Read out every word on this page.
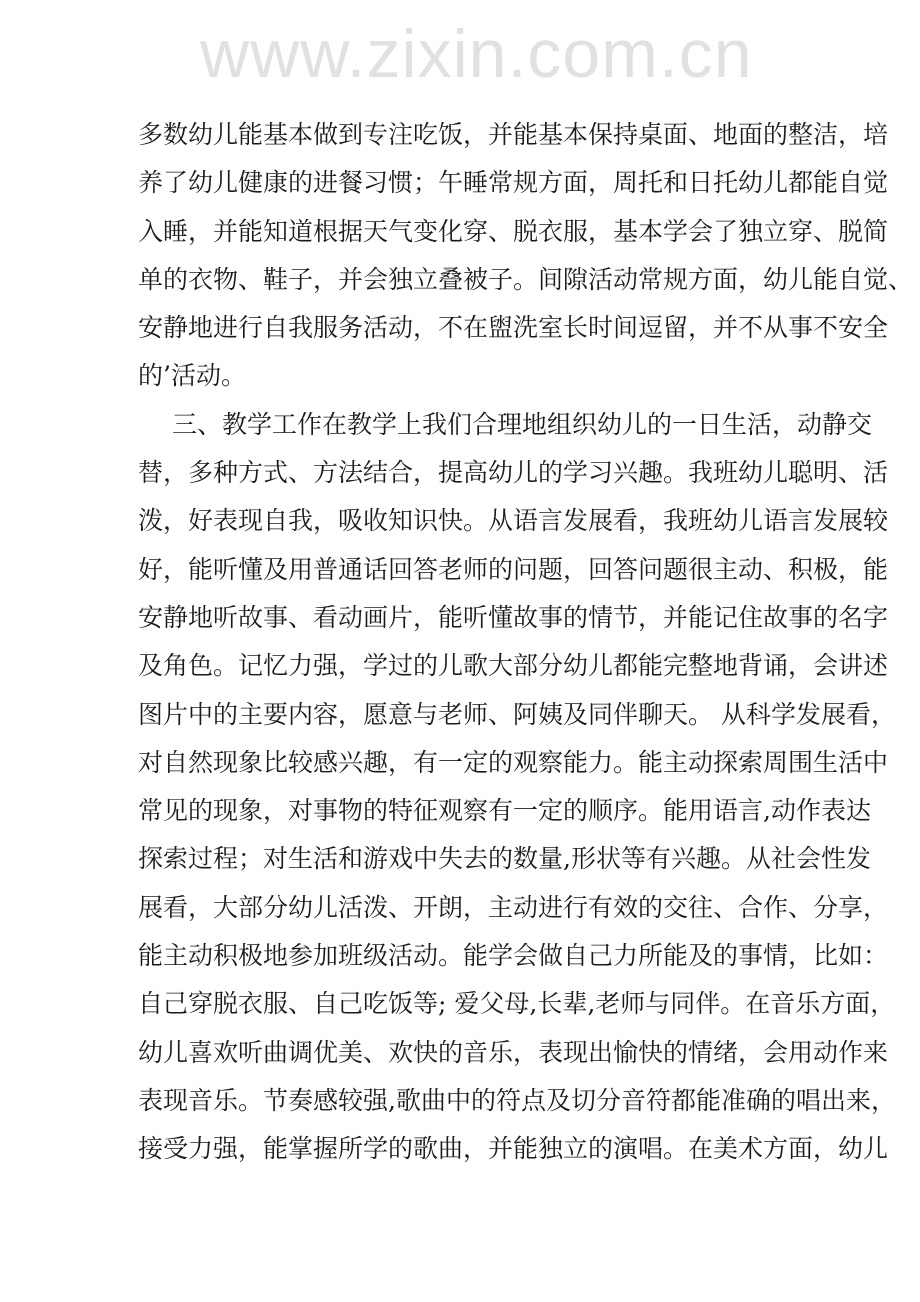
www.zixin.com.cn
多数幼儿能基本做到专注吃饭，并能基本保持桌面、地面的整洁，培
养了幼儿健康的进餐习惯；午睡常规方面，周托和日托幼儿都能自觉
入睡，并能知道根据天气变化穿、脱衣服，基本学会了独立穿、脱简
单的衣物、鞋子，并会独立叠被子。间隙活动常规方面，幼儿能自觉、
安静地进行自我服务活动，不在盥洗室长时间逗留，并不从事不安全
的’活动。
三、教学工作在教学上我们合理地组织幼儿的一日生活，动静交
替，多种方式、方法结合，提高幼儿的学习兴趣。我班幼儿聪明、活
泼，好表现自我，吸收知识快。从语言发展看，我班幼儿语言发展较
好，能听懂及用普通话回答老师的问题，回答问题很主动、积极，能
安静地听故事、看动画片，能听懂故事的情节，并能记住故事的名字
及角色。记忆力强，学过的儿歌大部分幼儿都能完整地背诵，会讲述
图片中的主要内容，愿意与老师、阿姨及同伴聊天。 从科学发展看，
对自然现象比较感兴趣，有一定的观察能力。能主动探索周围生活中
常见的现象，对事物的特征观察有一定的顺序。能用语言,动作表达
探索过程；对生活和游戏中失去的数量,形状等有兴趣。从社会性发
展看，大部分幼儿活泼、开朗，主动进行有效的交往、合作、分享，
能主动积极地参加班级活动。能学会做自己力所能及的事情，比如：
自己穿脱衣服、自己吃饭等; 爱父母,长辈,老师与同伴。在音乐方面，
幼儿喜欢听曲调优美、欢快的音乐，表现出愉快的情绪，会用动作来
表现音乐。节奏感较强,歌曲中的符点及切分音符都能准确的唱出来，
接受力强，能掌握所学的歌曲，并能独立的演唱。在美术方面，幼儿
